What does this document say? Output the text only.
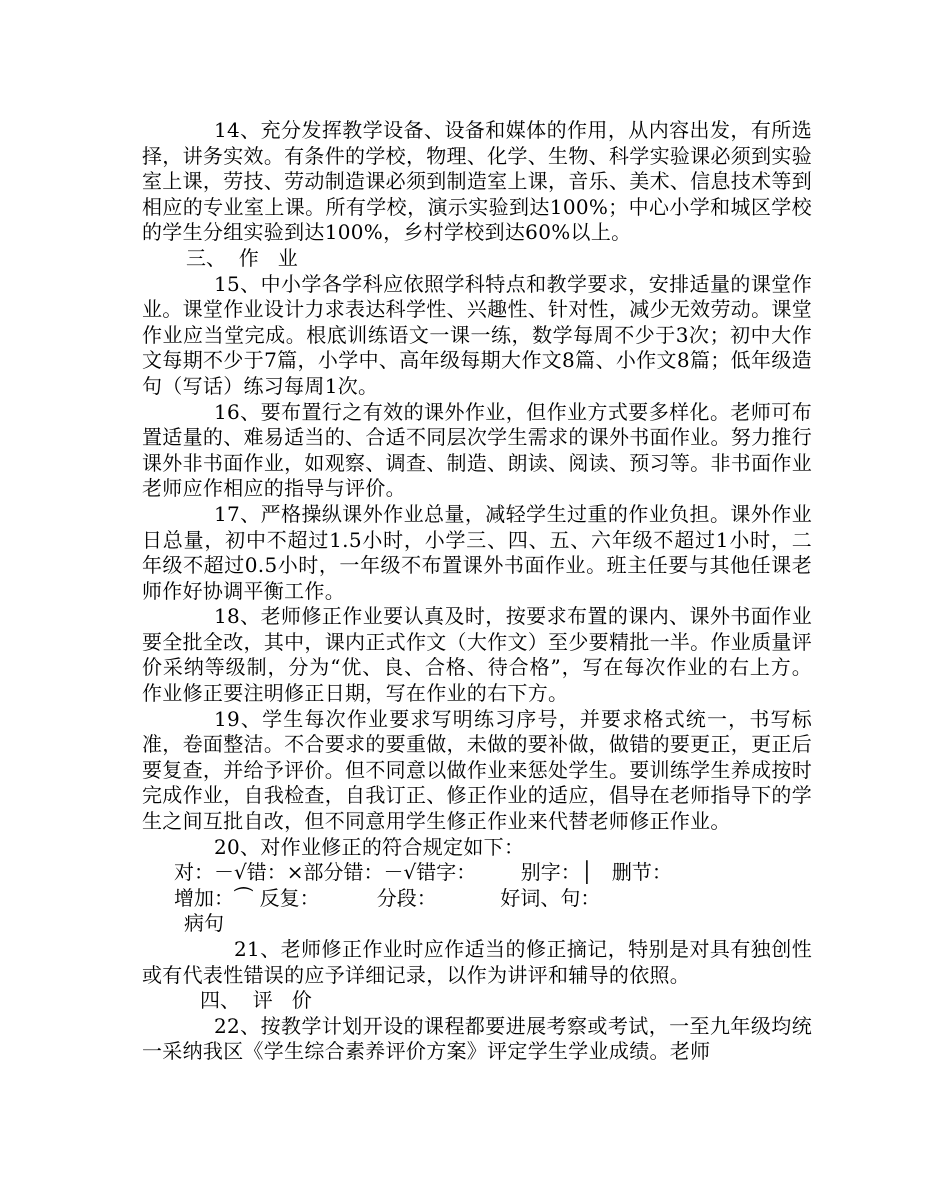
14、充分发挥教学设备、设备和媒体的作用，从内容出发，有所选择，讲务实效。有条件的学校，物理、化学、生物、科学实验课必须到实验室上课，劳技、劳动制造课必须到制造室上课，音乐、美术、信息技术等到相应的专业室上课。所有学校，演示实验到达100%；中心小学和城区学校的学生分组实验到达100%，乡村学校到达60%以上。

三、  作   业

15、中小学各学科应依照学科特点和教学要求，安排适量的课堂作业。课堂作业设计力求表达科学性、兴趣性、针对性，减少无效劳动。课堂作业应当堂完成。根底训练语文一课一练，数学每周不少于3次；初中大作文每期不少于7篇，小学中、高年级每期大作文8篇、小作文8篇；低年级造句（写话）练习每周1次。

16、要布置行之有效的课外作业，但作业方式要多样化。老师可布置适量的、难易适当的、合适不同层次学生需求的课外书面作业。努力推行课外非书面作业，如观察、调查、制造、朗读、阅读、预习等。非书面作业老师应作相应的指导与评价。

17、严格操纵课外作业总量，减轻学生过重的作业负担。课外作业日总量，初中不超过1.5小时，小学三、四、五、六年级不超过1小时，二年级不超过0.5小时，一年级不布置课外书面作业。班主任要与其他任课老师作好协调平衡工作。

18、老师修正作业要认真及时，按要求布置的课内、课外书面作业要全批全改，其中，课内正式作文（大作文）至少要精批一半。作业质量评价采纳等级制，分为“优、良、合格、待合格”，写在每次作业的右上方。作业修正要注明修正日期，写在作业的右下方。

19、学生每次作业要求写明练习序号，并要求格式统一，书写标准，卷面整洁。不合要求的要重做，未做的要补做，做错的要更正，更正后要复查，并给予评价。但不同意以做作业来惩处学生。要训练学生养成按时完成作业，自我检查，自我订正、修正作业的适应，倡导在老师指导下的学生之间互批自改，但不同意用学生修正作业来代替老师修正作业。

20、对作业修正的符合规定如下：

对：－√错：×部分错：－√错字：       别字：│   删节：

增加：⏜ 反复：         分段：          好词、句：

病句

21、老师修正作业时应作适当的修正摘记，特别是对具有独创性或有代表性错误的应予详细记录，以作为讲评和辅导的依照。

四、  评   价

22、按教学计划开设的课程都要进展考察或考试，一至九年级均统一采纳我区《学生综合素养评价方案》评定学生学业成绩。老师
